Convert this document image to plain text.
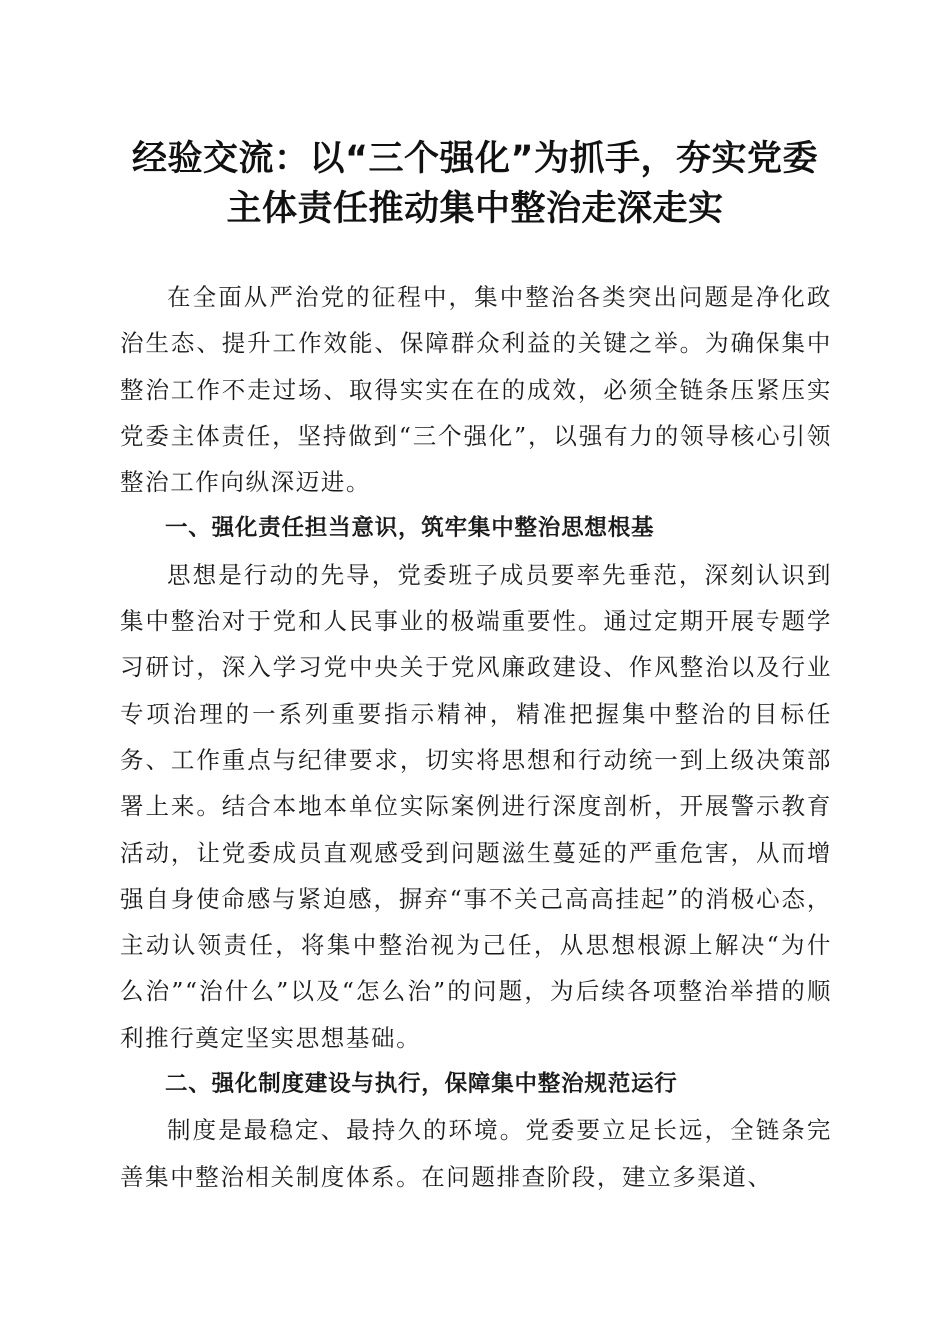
经验交流：以“三个强化”为抓手，夯实党委
主体责任推动集中整治走深走实

在全面从严治党的征程中，集中整治各类突出问题是净化政治生态、提升工作效能、保障群众利益的关键之举。为确保集中整治工作不走过场、取得实实在在的成效，必须全链条压紧压实党委主体责任，坚持做到“三个强化”，以强有力的领导核心引领整治工作向纵深迈进。

一、强化责任担当意识，筑牢集中整治思想根基

思想是行动的先导，党委班子成员要率先垂范，深刻认识到集中整治对于党和人民事业的极端重要性。通过定期开展专题学习研讨，深入学习党中央关于党风廉政建设、作风整治以及行业专项治理的一系列重要指示精神，精准把握集中整治的目标任务、工作重点与纪律要求，切实将思想和行动统一到上级决策部署上来。结合本地本单位实际案例进行深度剖析，开展警示教育活动，让党委成员直观感受到问题滋生蔓延的严重危害，从而增强自身使命感与紧迫感，摒弃“事不关己高高挂起”的消极心态，主动认领责任，将集中整治视为己任，从思想根源上解决“为什么治”“治什么”以及“怎么治”的问题，为后续各项整治举措的顺利推行奠定坚实思想基础。

二、强化制度建设与执行，保障集中整治规范运行

制度是最稳定、最持久的环境。党委要立足长远，全链条完善集中整治相关制度体系。在问题排查阶段，建立多渠道、
